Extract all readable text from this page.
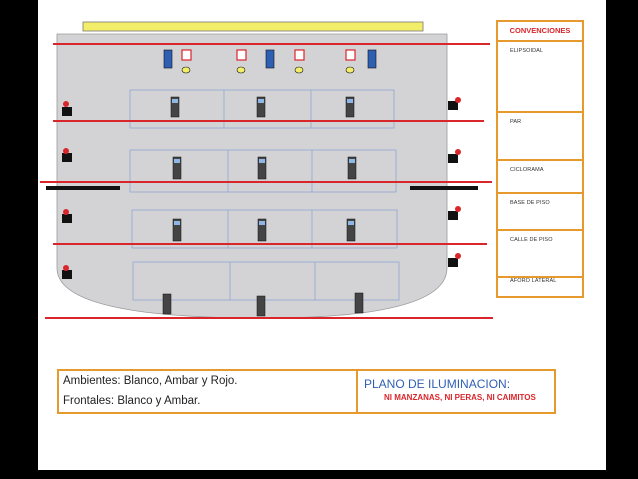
CONVENCIONES
ELIPSOIDAL
PAR
CICLORAMA
BASE DE PISO
CALLE DE PISO
AFORO LATERAL
Ambientes: Blanco, Ambar y Rojo.
Frontales: Blanco y Ambar.
PLANO DE ILUMINACION:
NI MANZANAS, NI PERAS, NI CAIMITOS
